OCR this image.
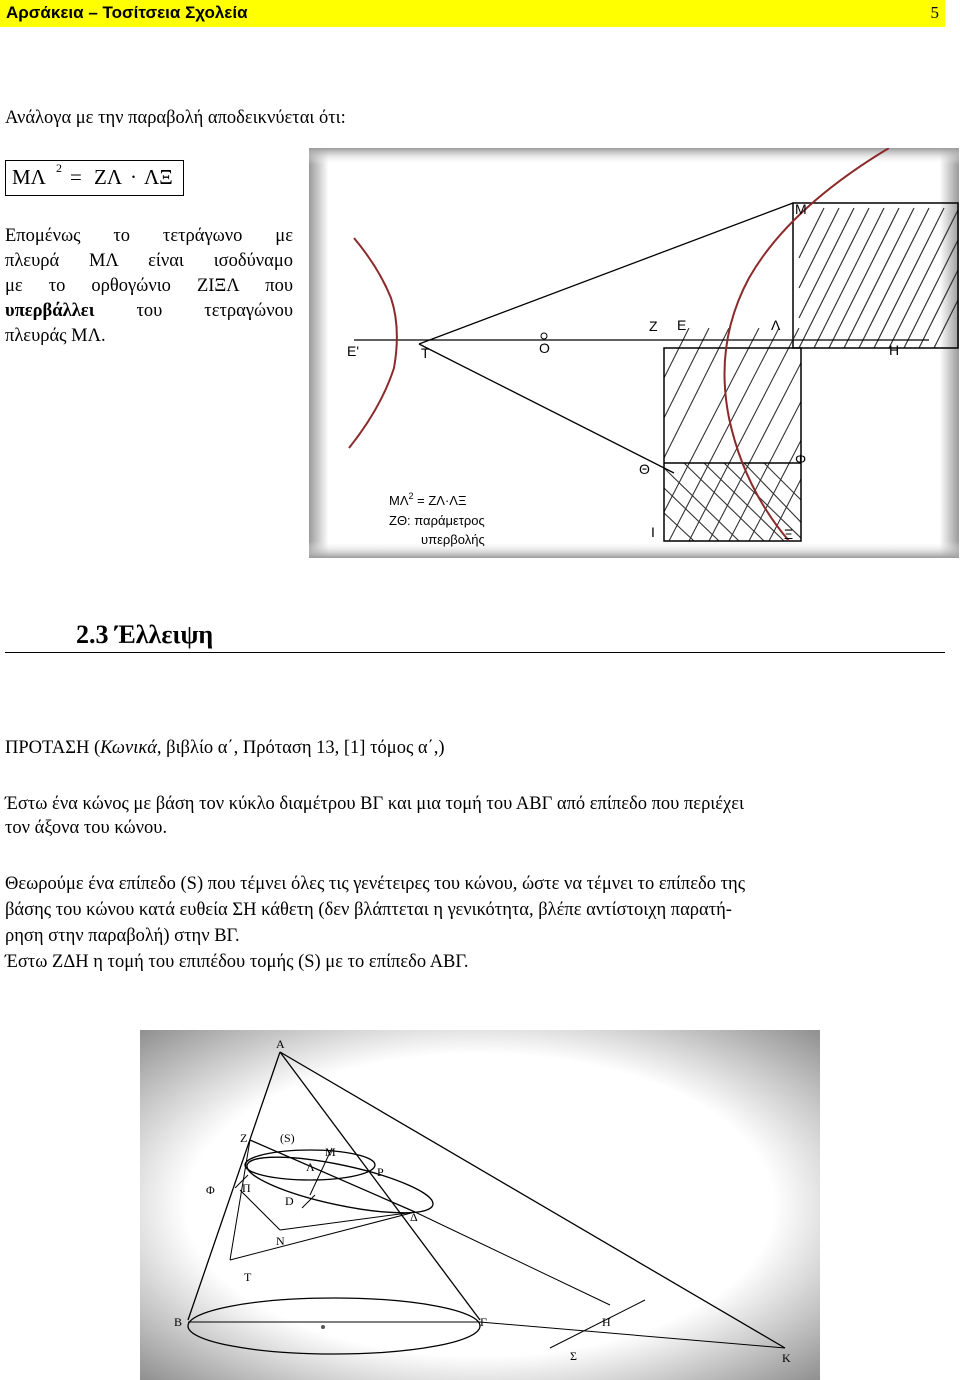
Αρσάκεια – Τοσίτσεια Σχολεία	5
Ανάλογα με την παραβολή αποδεικνύεται ότι:
ΜΛ 2 = ΖΛ · ΛΞ
Επομένως το τετράγωνο με
πλευρά ΜΛ είναι ισοδύναμο
με το ορθογώνιο ΖΙΞΛ που
υπερβάλλει του τετραγώνου
πλευράς ΜΛ.
Μ
Ζ Ε	Λ
Ε'	Τ	Ο	Η
Θ
Φ
Ι	Ξ
$M\Lambda^2 = Z\Lambda\cdot\Lambda\Xi$
ΖΘ: παράμετρος
υπερβολής
2.3 Έλλειψη
ΠΡΟΤΑΣΗ (Κωνικά, βιβλίο α΄, Πρόταση 13, [1] τόμος α΄,)
Έστω ένα κώνος με βάση τον κύκλο διαμέτρου ΒΓ και μια τομή του ΑΒΓ από επίπεδο που περιέχει
τον άξονα του κώνου.
Θεωρούμε ένα επίπεδο (S) που τέμνει όλες τις γενέτειρες του κώνου, ώστε να τέμνει το επίπεδο της
βάσης του κώνου κατά ευθεία ΣΗ κάθετη (δεν βλάπτεται η γενικότητα, βλέπε αντίστοιχη παρατή-
ρηση στην παραβολή) στην ΒΓ.
Έστω ΖΔΗ η τομή του επιπέδου τομής (S) με το επίπεδο ΑΒΓ.
Α
Ζ	(S)
Μ
Λ	Ρ
Φ Π
D
Δ
Ν
Τ
Β	Γ	Η
Σ	Κ
